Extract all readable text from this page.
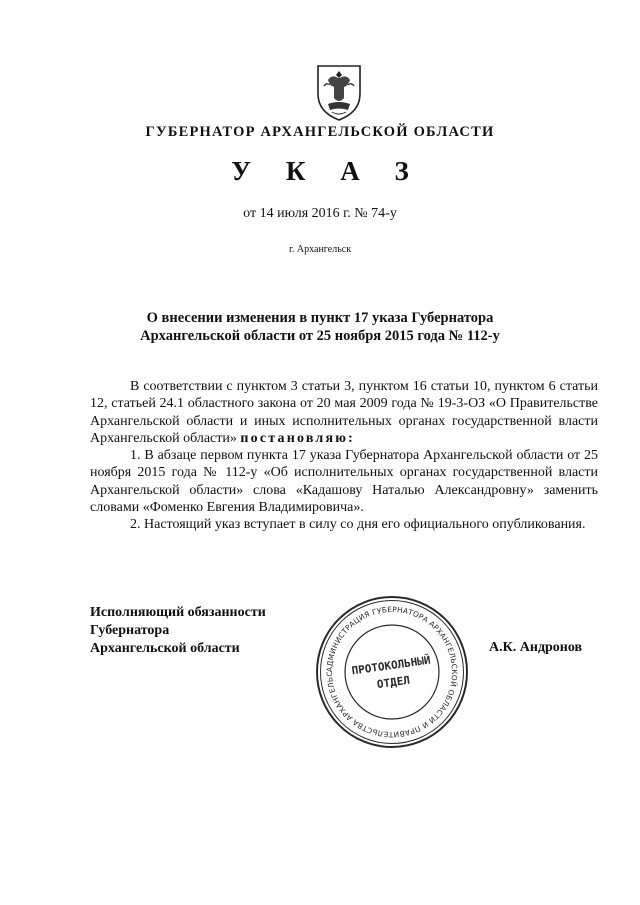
ГУБЕРНАТОР АРХАНГЕЛЬСКОЙ ОБЛАСТИ
У К А З
от 14 июля 2016 г. № 74-у
г. Архангельск
О внесении изменения в пункт 17 указа Губернатора
Архангельской области от 25 ноября 2015 года № 112-у

В соответствии с пунктом 3 статьи 3, пунктом 16 статьи 10, пунктом 6 статьи 12, статьей 24.1 областного закона от 20 мая 2009 года № 19-3-ОЗ «О Правительстве Архангельской области и иных исполнительных органах государственной власти Архангельской области» постановляю:

1. В абзаце первом пункта 17 указа Губернатора Архангельской области от 25 ноября 2015 года № 112-у «Об исполнительных органах государственной власти Архангельской области» слова «Кадашову Наталью Александровну» заменить словами «Фоменко Евгения Владимировича».

2. Настоящий указ вступает в силу со дня его официального опубликования.

Исполняющий обязанности
Губернатора
Архангельской области	А.К. Андронов
АДМИНИСТРАЦИЯ ГУБЕРНАТОРА АРХАНГЕЛЬСКОЙ ОБЛАСТИ И ПРАВИТЕЛЬСТВА АРХАНГЕЛЬС	ПРОТОКОЛЬНЫЙ
ОТДЕЛ
